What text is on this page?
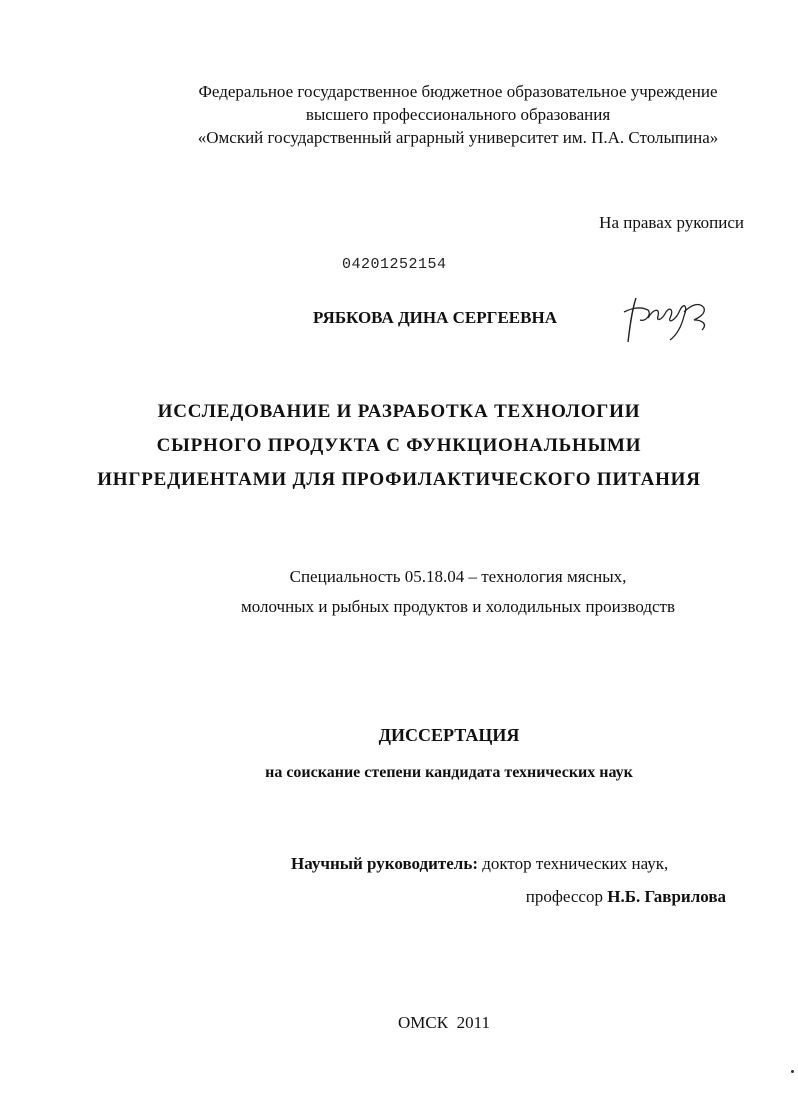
Федеральное государственное бюджетное образовательное учреждение
высшего профессионального образования
«Омский государственный аграрный университет им. П.А. Столыпина»
На правах рукописи
04201252154
РЯБКОВА ДИНА СЕРГЕЕВНА
ИССЛЕДОВАНИЕ И РАЗРАБОТКА ТЕХНОЛОГИИ
СЫРНОГО ПРОДУКТА С ФУНКЦИОНАЛЬНЫМИ
ИНГРЕДИЕНТАМИ ДЛЯ ПРОФИЛАКТИЧЕСКОГО ПИТАНИЯ
Специальность 05.18.04 – технология мясных,
молочных и рыбных продуктов и холодильных производств
ДИССЕРТАЦИЯ
на соискание степени кандидата технических наук
Научный руководитель: доктор технических наук,
профессор Н.Б. Гаврилова
ОМСК  2011
